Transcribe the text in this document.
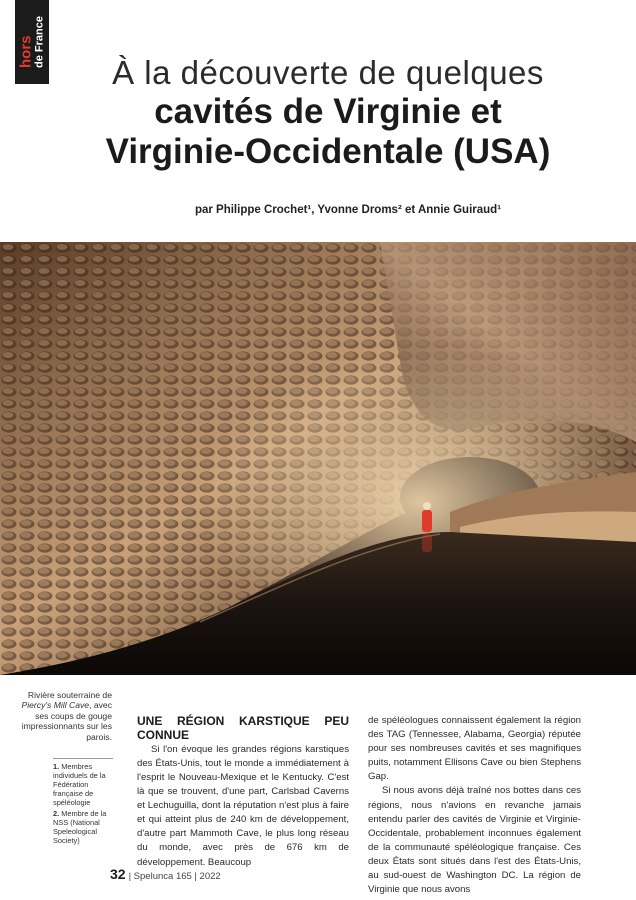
hors de France
À la découverte de quelques
cavités de Virginie et
Virginie-Occidentale (USA)
par Philippe Crochet¹, Yvonne Droms² et Annie Guiraud¹
Rivière souterraine de Piercy's Mill Cave, avec ses coups de gouge impressionnants sur les parois.

1. Membres individuels de la Fédération française de spéléologie

2. Membre de la NSS (National Speleological Society)

UNE RÉGION KARSTIQUE PEU CONNUE

Si l'on évoque les grandes régions karstiques des États-Unis, tout le monde a immédiatement à l'esprit le Nouveau-Mexique et le Kentucky. C'est là que se trouvent, d'une part, Carlsbad Caverns et Lechuguilla, dont la réputation n'est plus à faire et qui atteint plus de 240 km de développement, d'autre part Mammoth Cave, le plus long réseau du monde, avec près de 676 km de développement. Beaucoup

de spéléologues connaissent également la région des TAG (Tennessee, Alabama, Georgia) réputée pour ses nombreuses cavités et ses magnifiques puits, notamment Ellisons Cave ou bien Stephens Gap.

Si nous avons déjà traîné nos bottes dans ces régions, nous n'avions en revanche jamais entendu parler des cavités de Virginie et Virginie-Occidentale, probablement inconnues également de la communauté spéléologique française. Ces deux États sont situés dans l'est des États-Unis, au sud-ouest de Washington DC. La région de Virginie que nous avons

32 | Spelunca 165 | 2022
